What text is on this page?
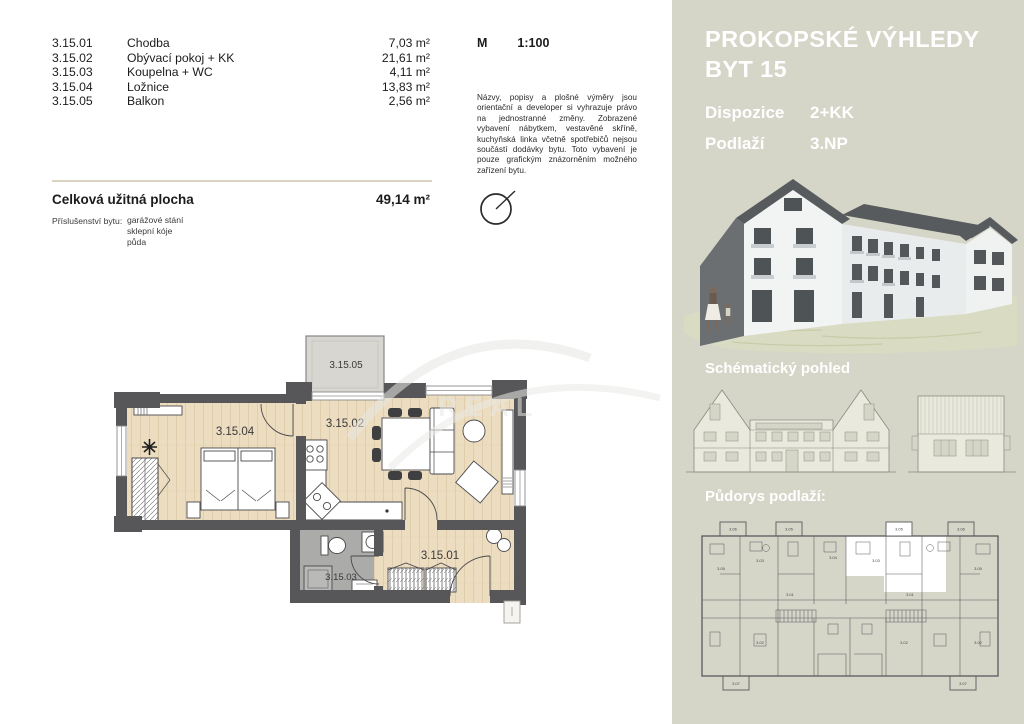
3.15.01	Chodba	7,03 m²
3.15.02	Obývací pokoj + KK	21,61 m²
3.15.03	Koupelna + WC	4,11 m²
3.15.04	Ložnice	13,83 m²
3.15.05	Balkon	2,56 m²
M 1:100
Názvy, popisy a plošné výměry jsou orientační a developer si vyhrazuje právo na jednostranné změny. Zobrazené vybavení nábytkem, vestavěné skříně, kuchyňská linka včetně spotřebičů nejsou součástí dodávky bytu. Toto vybavení je pouze grafickým znázorněním možného zařízení bytu.
Celková užitná plocha	49,14 m²
Příslušenství bytu: garážové stání
sklepní kóje
půda
3.15.05
3.15.04
3.15.02
3.15.01
3.15.03
REAL
PROKOPSKÉ VÝHLEDY
BYT 15
Dispozice	2+KK
Podlaží	3.NP
Schématický pohled
Půdorys podlaží:
3.06	3.05	3.05	3.06
3.07	3.07
3.05
3.03
3.01
3.02
3.04
3.03
3.01
3.02
3.05
3.02
